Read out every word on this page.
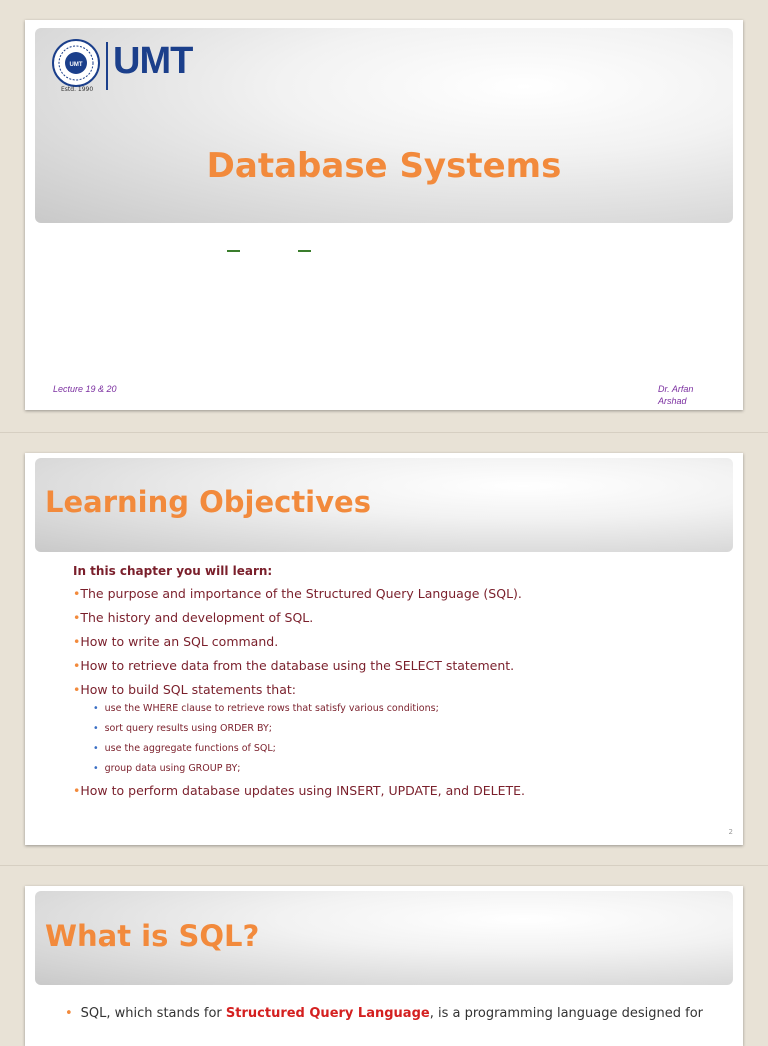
UMT
Estd. 1990
UMT
Database Systems
Lecture 19 & 20	Dr. Arfan
Arshad
Learning Objectives

In this chapter you will learn:

•The purpose and importance of the Structured Query Language (SQL).

•The history and development of SQL.

•How to write an SQL command.

•How to retrieve data from the database using the SELECT statement.

•How to build SQL statements that:

• use the WHERE clause to retrieve rows that satisfy various conditions;
• sort query results using ORDER BY;
• use the aggregate functions of SQL;
• group data using GROUP BY;

•How to perform database updates using INSERT, UPDATE, and DELETE.

2
What is SQL?
• SQL, which stands for Structured Query Language, is a programming language designed for
